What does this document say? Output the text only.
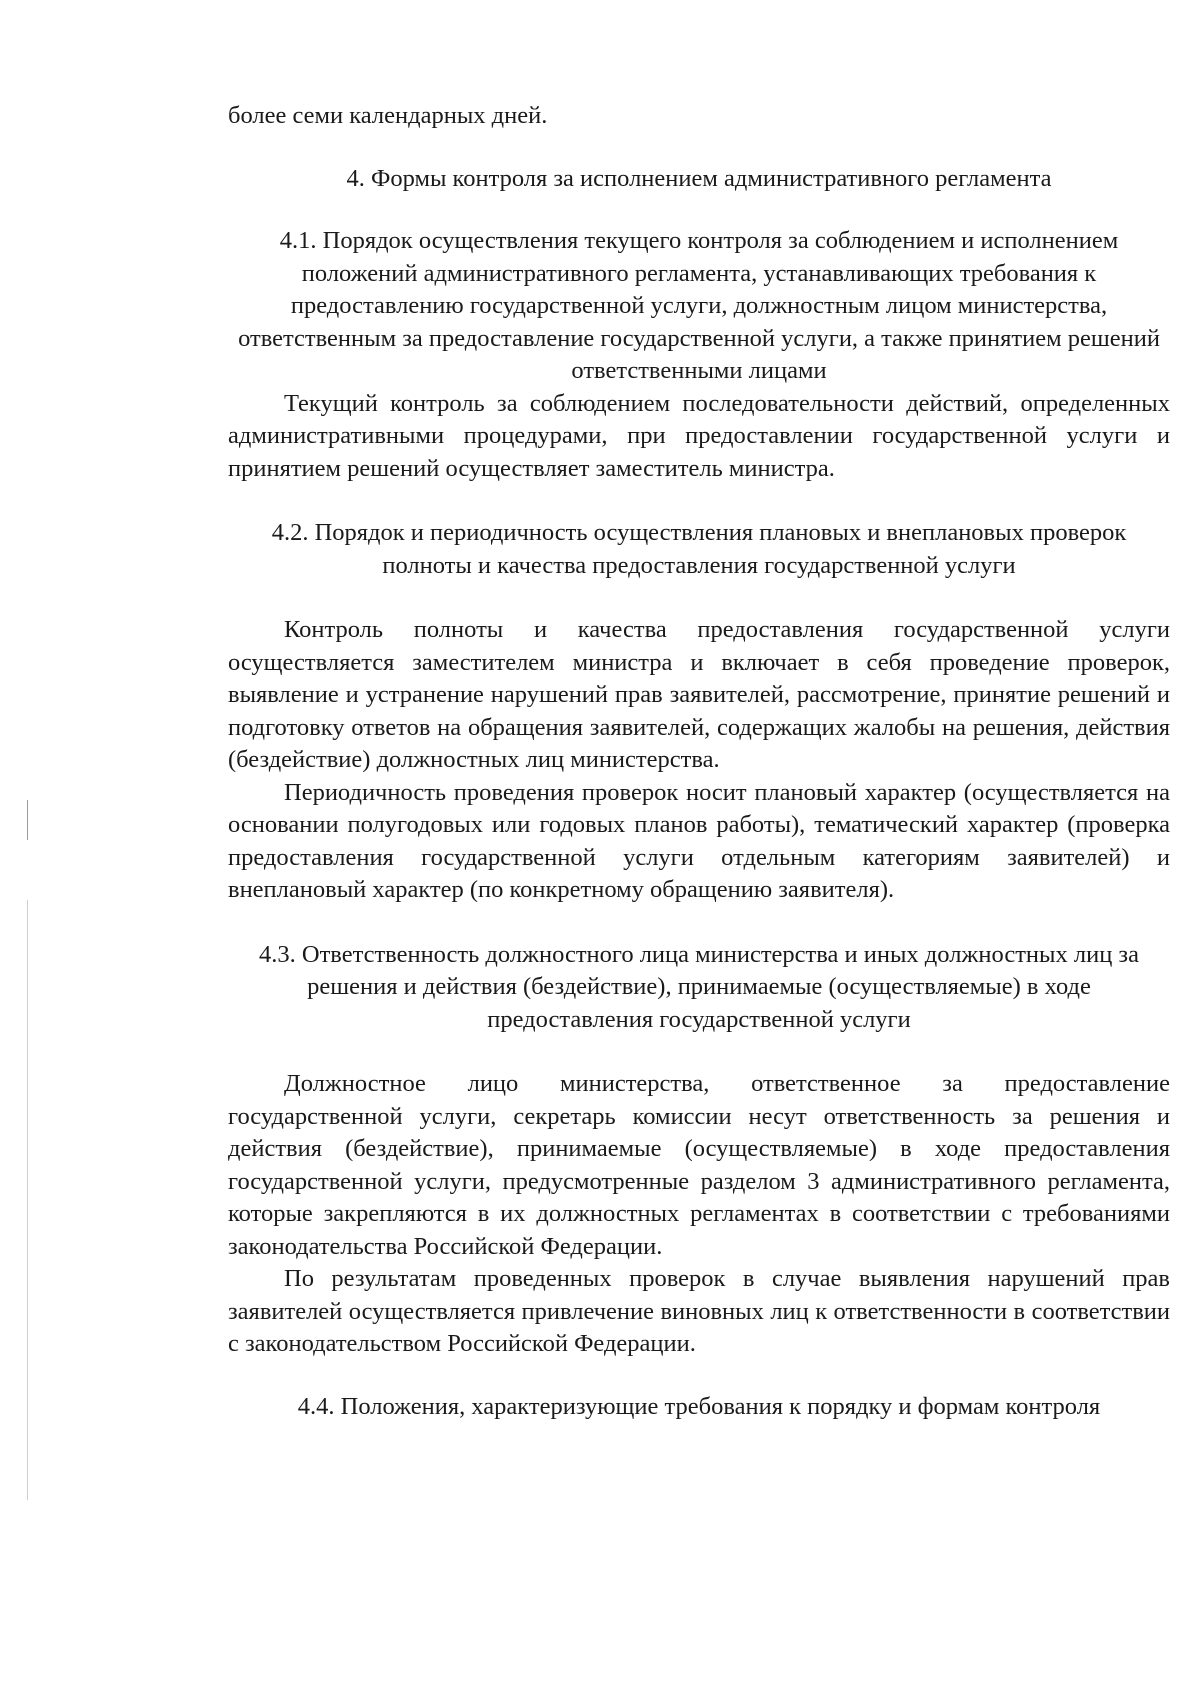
более семи календарных дней.

4. Формы контроля за исполнением административного регламента

4.1. Порядок осуществления текущего контроля за соблюдением и исполнением положений административного регламента, устанавливающих требования к предоставлению государственной услуги, должностным лицом министерства, ответственным за предоставление государственной услуги, а также принятием решений ответственными лицами

Текущий контроль за соблюдением последовательности действий, определенных административными процедурами, при предоставлении государственной услуги и принятием решений осуществляет заместитель министра.

4.2. Порядок и периодичность осуществления плановых и внеплановых проверок полноты и качества предоставления государственной услуги

Контроль полноты и качества предоставления государственной услуги осуществляется заместителем министра и включает в себя проведение проверок, выявление и устранение нарушений прав заявителей, рассмотрение, принятие решений и подготовку ответов на обращения заявителей, содержащих жалобы на решения, действия (бездействие) должностных лиц министерства.

Периодичность проведения проверок носит плановый характер (осуществляется на основании полугодовых или годовых планов работы), тематический характер (проверка предоставления государственной услуги отдельным категориям заявителей) и внеплановый характер (по конкретному обращению заявителя).

4.3. Ответственность должностного лица министерства и иных должностных лиц за решения и действия (бездействие), принимаемые (осуществляемые) в ходе предоставления государственной услуги

Должностное лицо министерства, ответственное за предоставление государственной услуги, секретарь комиссии несут ответственность за решения и действия (бездействие), принимаемые (осуществляемые) в ходе предоставления государственной услуги, предусмотренные разделом 3 административного регламента, которые закрепляются в их должностных регламентах в соответствии с требованиями законодательства Российской Федерации.

По результатам проведенных проверок в случае выявления нарушений прав заявителей осуществляется привлечение виновных лиц к ответственности в соответствии с законодательством Российской Федерации.

4.4. Положения, характеризующие требования к порядку и формам контроля
